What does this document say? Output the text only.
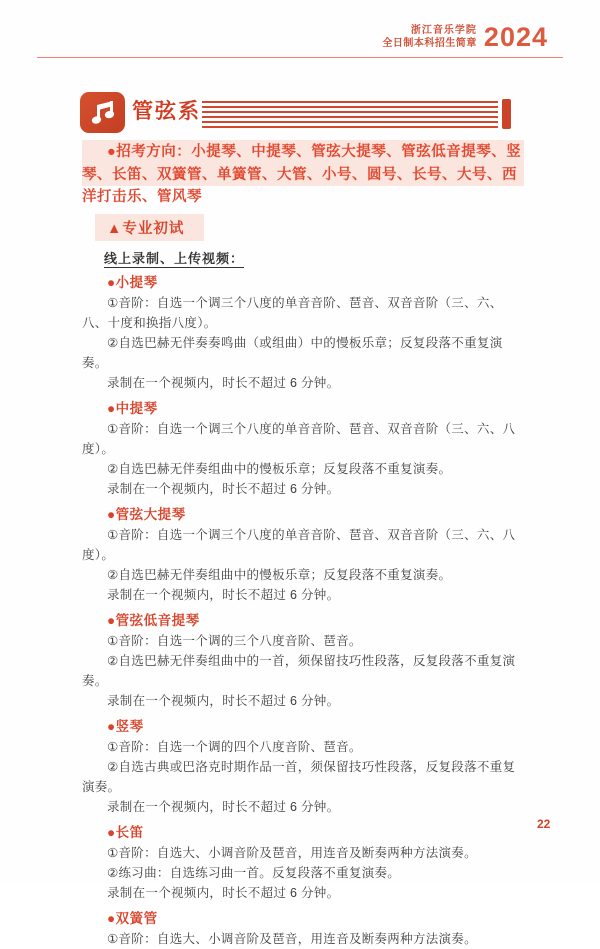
浙江音乐学院
全日制本科招生简章 2024
管弦系

●招考方向：小提琴、中提琴、管弦大提琴、管弦低音提琴、竖琴、长笛、双簧管、单簧管、大管、小号、圆号、长号、大号、西洋打击乐、管风琴

▲专业初试

线上录制、上传视频：

●小提琴

①音阶：自选一个调三个八度的单音音阶、琶音、双音音阶（三、六、八、十度和换指八度）。

②自选巴赫无伴奏奏鸣曲（或组曲）中的慢板乐章；反复段落不重复演奏。

录制在一个视频内，时长不超过 6 分钟。

●中提琴

①音阶：自选一个调三个八度的单音音阶、琶音、双音音阶（三、六、八度）。

②自选巴赫无伴奏组曲中的慢板乐章；反复段落不重复演奏。

录制在一个视频内，时长不超过 6 分钟。

●管弦大提琴

①音阶：自选一个调三个八度的单音音阶、琶音、双音音阶（三、六、八度）。

②自选巴赫无伴奏组曲中的慢板乐章；反复段落不重复演奏。

录制在一个视频内，时长不超过 6 分钟。

●管弦低音提琴

①音阶：自选一个调的三个八度音阶、琶音。

②自选巴赫无伴奏组曲中的一首，须保留技巧性段落，反复段落不重复演奏。

录制在一个视频内，时长不超过 6 分钟。

●竖琴

①音阶：自选一个调的四个八度音阶、琶音。

②自选古典或巴洛克时期作品一首，须保留技巧性段落，反复段落不重复演奏。

录制在一个视频内，时长不超过 6 分钟。

●长笛

①音阶：自选大、小调音阶及琶音，用连音及断奏两种方法演奏。

②练习曲：自选练习曲一首。反复段落不重复演奏。

录制在一个视频内，时长不超过 6 分钟。

●双簧管

①音阶：自选大、小调音阶及琶音，用连音及断奏两种方法演奏。

22
